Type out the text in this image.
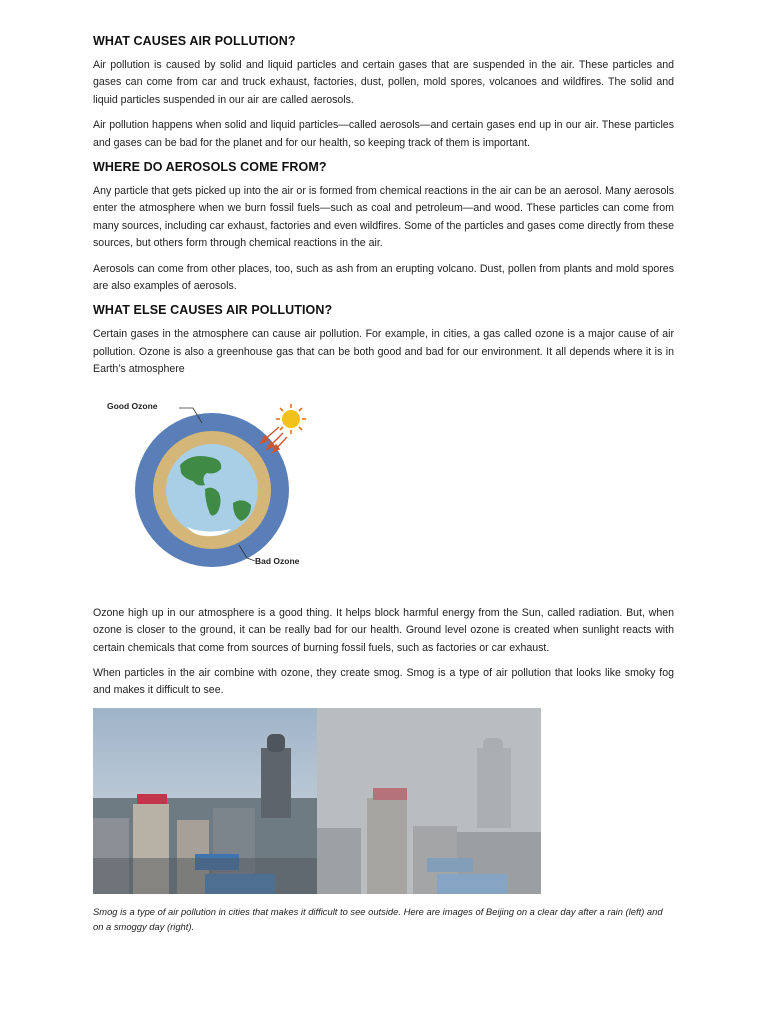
WHAT CAUSES AIR POLLUTION?

Air pollution is caused by solid and liquid particles and certain gases that are suspended in the air. These particles and gases can come from car and truck exhaust, factories, dust, pollen, mold spores, volcanoes and wildfires. The solid and liquid particles suspended in our air are called aerosols.

Air pollution happens when solid and liquid particles—called aerosols—and certain gases end up in our air. These particles and gases can be bad for the planet and for our health, so keeping track of them is important.

WHERE DO AEROSOLS COME FROM?

Any particle that gets picked up into the air or is formed from chemical reactions in the air can be an aerosol. Many aerosols enter the atmosphere when we burn fossil fuels—such as coal and petroleum—and wood. These particles can come from many sources, including car exhaust, factories and even wildfires. Some of the particles and gases come directly from these sources, but others form through chemical reactions in the air.

Aerosols can come from other places, too, such as ash from an erupting volcano. Dust, pollen from plants and mold spores are also examples of aerosols.

WHAT ELSE CAUSES AIR POLLUTION?

Certain gases in the atmosphere can cause air pollution. For example, in cities, a gas called ozone is a major cause of air pollution. Ozone is also a greenhouse gas that can be both good and bad for our environment. It all depends where it is in Earth’s atmosphere

Good Ozone
Bad Ozone

Ozone high up in our atmosphere is a good thing. It helps block harmful energy from the Sun, called radiation. But, when ozone is closer to the ground, it can be really bad for our health. Ground level ozone is created when sunlight reacts with certain chemicals that come from sources of burning fossil fuels, such as factories or car exhaust.

When particles in the air combine with ozone, they create smog. Smog is a type of air pollution that looks like smoky fog and makes it difficult to see.

Smog is a type of air pollution in cities that makes it difficult to see outside. Here are images of Beijing on a clear day after a rain (left) and on a smoggy day (right).
